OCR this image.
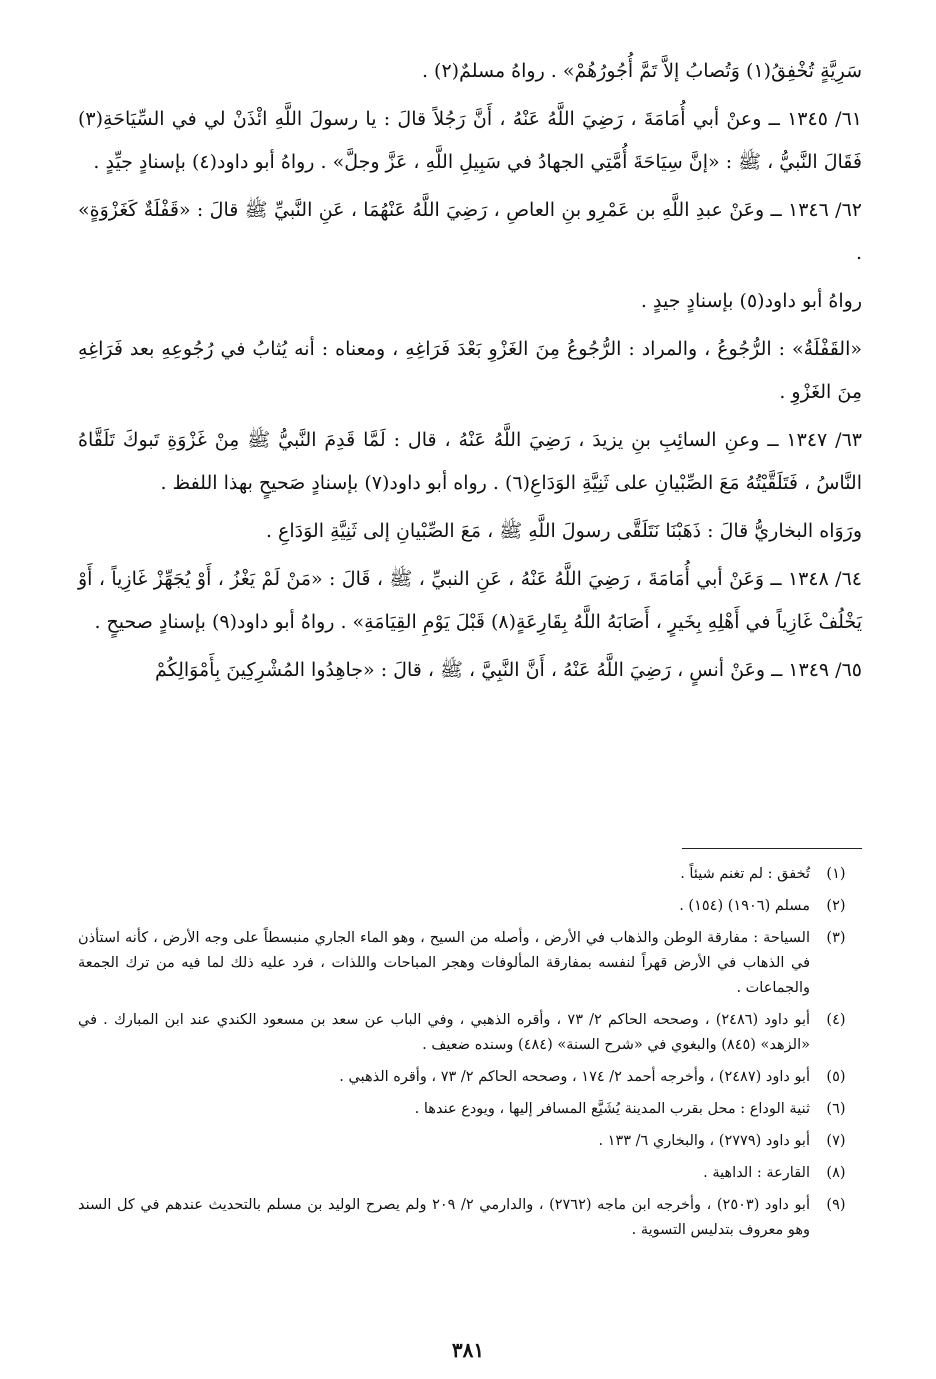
سَرِيَّةٍ تُخْفِقُ(١) وَتُصابُ إلاَّ تَمَّ أُجُورُهُمْ» . رواهُ مسلمٌ(٢) .

٦١/ ١٣٤٥ ــ وعنْ أبي أُمَامَةَ ، رَضِيَ اللَّهُ عَنْهُ ، أَنَّ رَجُلاً قالَ : يا رسولَ اللَّهِ ائْذَنْ لي في السِّيَاحَةِ(٣) فَقَالَ النَّبيُّ ، ﷺ : «إنَّ سِيَاحَةَ أُمَّتِي الجهادُ في سَبِيلِ اللَّهِ ، عَزَّ وجلَّ» . رواهُ أبو داود(٤) بإسنادٍ جيِّدٍ .

٦٢/ ١٣٤٦ ــ وعَنْ عبدِ اللَّهِ بن عَمْرِو بنِ العاصِ ، رَضِيَ اللَّهُ عَنْهُمَا ، عَنِ النَّبيِّ ﷺ قالَ : «قَفْلَةٌ كَغَزْوَةٍ» .

رواهُ أبو داود(٥) بإسنادٍ جيدٍ .

«القَفْلَةُ» : الرُّجُوعُ ، والمراد : الرُّجُوعُ مِنَ الغَزْوِ بَعْدَ فَرَاغِهِ ، ومعناه : أنه يُثابُ في رُجُوعِهِ بعد فَرَاغِهِ مِنَ الغَزْوِ .

٦٣/ ١٣٤٧ ــ وعنِ السائِبِ بنِ يزيدَ ، رَضِيَ اللَّهُ عَنْهُ ، قال : لَمَّا قَدِمَ النَّبيُّ ﷺ مِنْ غَزْوَةِ تَبوكَ تَلَقَّاهُ النَّاسُ ، فَتَلَقَّيْتُهُ مَعَ الصِّبْيانِ على ثَنِيَّةِ الوَدَاعِ(٦) . رواه أبو داود(٧) بإسنادٍ صَحيحٍ بهذا اللفظ .

ورَوَاه البخاريُّ قالَ : ذَهَبْنَا نَتَلَقَّى رسولَ اللَّهِ ﷺ ، مَعَ الصِّبْيانِ إلى ثَنِيَّةِ الوَدَاعِ .

٦٤/ ١٣٤٨ ــ وَعَنْ أبي أُمَامَةَ ، رَضِيَ اللَّهُ عَنْهُ ، عَنِ النبيِّ ، ﷺ ، قَالَ : «مَنْ لَمْ يَغْزُ ، أَوْ يُجَهِّزْ غَازِياً ، أَوْ يَخْلُفْ غَازِياً في أَهْلِهِ بِخَيرٍ ، أَصَابَهُ اللَّهُ بِقَارِعَةٍ(٨) قَبْلَ يَوْمِ القِيَامَةِ» . رواهُ أبو داود(٩) بإسنادٍ صحيحٍ .

٦٥/ ١٣٤٩ ــ وعَنْ أنسٍ ، رَضِيَ اللَّهُ عَنْهُ ، أَنَّ النَّبِيَّ ، ﷺ ، قالَ : «جاهِدُوا المُشْرِكِينَ بِأَمْوَالِكُمْ

(١)
تُخفق : لم تغنم شيئاً .
(٢)
مسلم (١٩٠٦) (١٥٤) .
(٣)
السياحة : مفارقة الوطن والذهاب في الأرض ، وأصله من السيح ، وهو الماء الجاري منبسطاً على وجه الأرض ، كأنه استأذن في الذهاب في الأرض قهراً لنفسه بمفارقة المألوفات وهجر المباحات واللذات ، فرد عليه ذلك لما فيه من ترك الجمعة والجماعات .
(٤)
أبو داود (٢٤٨٦) ، وصححه الحاكم ٢/ ٧٣ ، وأقره الذهبي ، وفي الباب عن سعد بن مسعود الكندي عند ابن المبارك . في «الزهد» (٨٤٥) والبغوي في «شرح السنة» (٤٨٤) وسنده ضعيف .
(٥)
أبو داود (٢٤٨٧) ، وأخرجه أحمد ٢/ ١٧٤ ، وصححه الحاكم ٢/ ٧٣ ، وأقره الذهبي .
(٦)
ثنية الوداع : محل بقرب المدينة يُشَيَّع المسافر إليها ، ويودع عندها .
(٧)
أبو داود (٢٧٧٩) ، والبخاري ٦/ ١٣٣ .
(٨)
القارعة : الداهية .
(٩)
أبو داود (٢٥٠٣) ، وأخرجه ابن ماجه (٢٧٦٢) ، والدارمي ٢/ ٢٠٩ ولم يصرح الوليد بن مسلم بالتحديث عندهم في كل السند وهو معروف بتدليس التسوية .
٣٨١
